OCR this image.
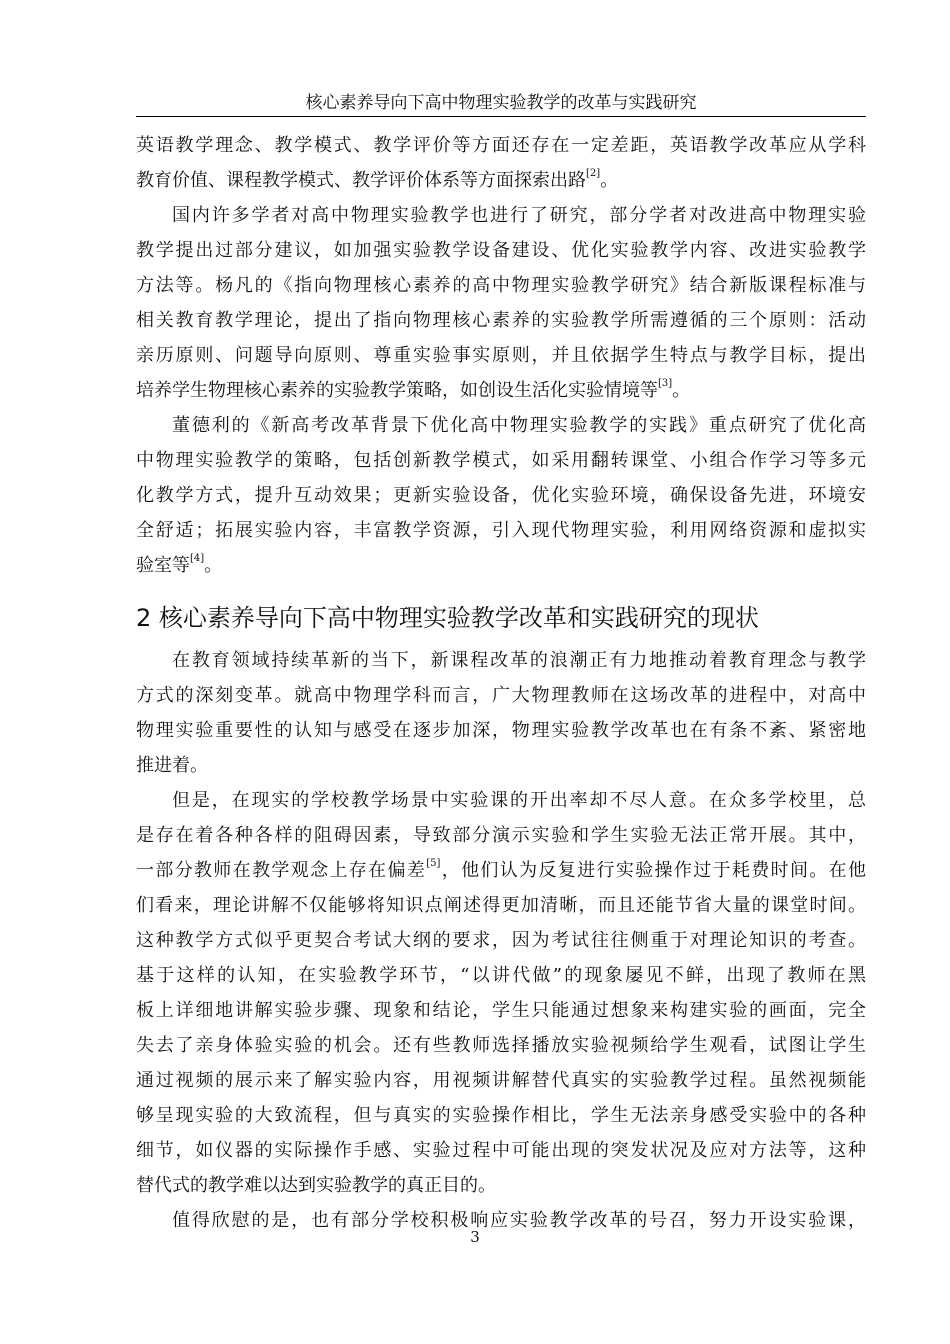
核心素养导向下高中物理实验教学的改革与实践研究
英语教学理念、教学模式、教学评价等方面还存在一定差距，英语教学改革应从学科
教育价值、课程教学模式、教学评价体系等方面探索出路[2]。
国内许多学者对高中物理实验教学也进行了研究，部分学者对改进高中物理实验
教学提出过部分建议，如加强实验教学设备建设、优化实验教学内容、改进实验教学
方法等。杨凡的《指向物理核心素养的高中物理实验教学研究》结合新版课程标准与
相关教育教学理论，提出了指向物理核心素养的实验教学所需遵循的三个原则：活动
亲历原则、问题导向原则、尊重实验事实原则，并且依据学生特点与教学目标，提出
培养学生物理核心素养的实验教学策略，如创设生活化实验情境等[3]。
董德利的《新高考改革背景下优化高中物理实验教学的实践》重点研究了优化高
中物理实验教学的策略，包括创新教学模式，如采用翻转课堂、小组合作学习等多元
化教学方式，提升互动效果；更新实验设备，优化实验环境，确保设备先进，环境安
全舒适；拓展实验内容，丰富教学资源，引入现代物理实验，利用网络资源和虚拟实
验室等[4]。
2 核心素养导向下高中物理实验教学改革和实践研究的现状
在教育领域持续革新的当下，新课程改革的浪潮正有力地推动着教育理念与教学
方式的深刻变革。就高中物理学科而言，广大物理教师在这场改革的进程中，对高中
物理实验重要性的认知与感受在逐步加深，物理实验教学改革也在有条不紊、紧密地
推进着。
但是，在现实的学校教学场景中实验课的开出率却不尽人意。在众多学校里，总
是存在着各种各样的阻碍因素，导致部分演示实验和学生实验无法正常开展。其中，
一部分教师在教学观念上存在偏差[5]，他们认为反复进行实验操作过于耗费时间。在他
们看来，理论讲解不仅能够将知识点阐述得更加清晰，而且还能节省大量的课堂时间。
这种教学方式似乎更契合考试大纲的要求，因为考试往往侧重于对理论知识的考查。
基于这样的认知，在实验教学环节，“以讲代做”的现象屡见不鲜，出现了教师在黑
板上详细地讲解实验步骤、现象和结论，学生只能通过想象来构建实验的画面，完全
失去了亲身体验实验的机会。还有些教师选择播放实验视频给学生观看，试图让学生
通过视频的展示来了解实验内容，用视频讲解替代真实的实验教学过程。虽然视频能
够呈现实验的大致流程，但与真实的实验操作相比，学生无法亲身感受实验中的各种
细节，如仪器的实际操作手感、实验过程中可能出现的突发状况及应对方法等，这种
替代式的教学难以达到实验教学的真正目的。
值得欣慰的是，也有部分学校积极响应实验教学改革的号召，努力开设实验课，
3
